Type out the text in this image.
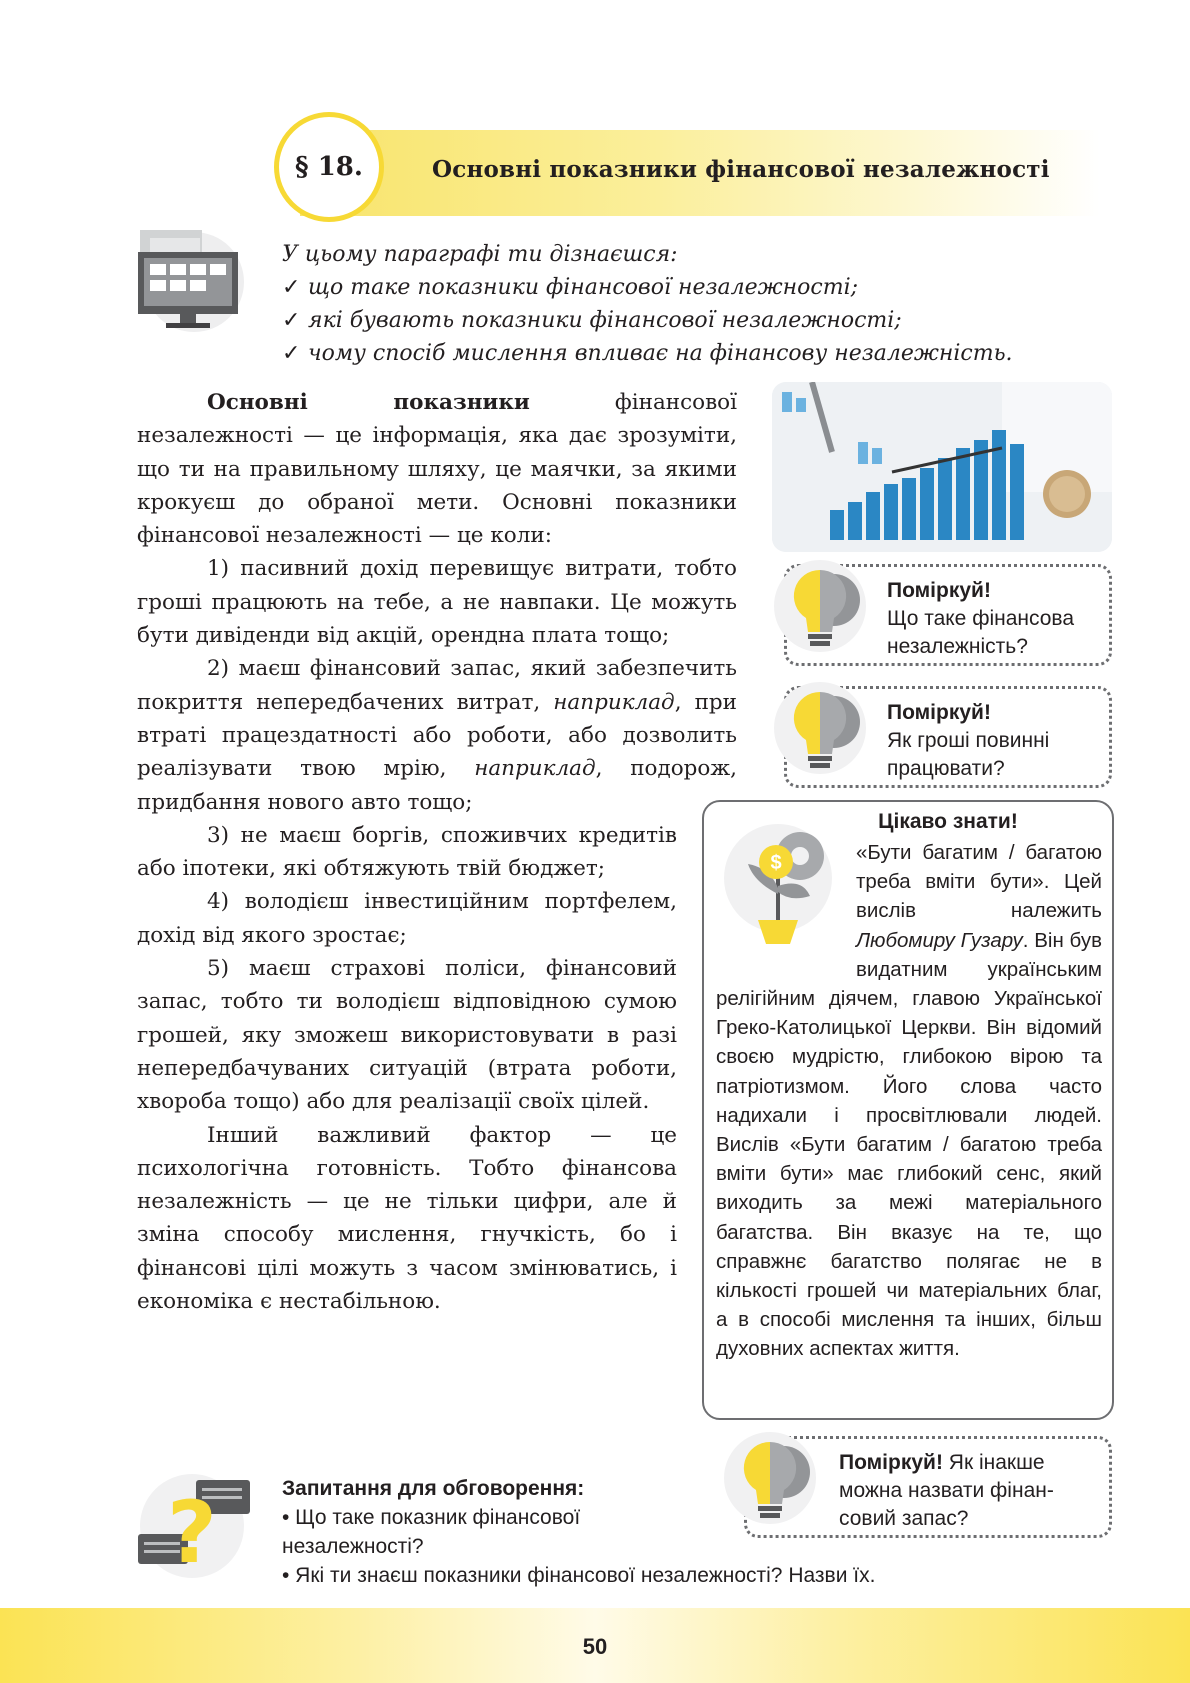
§ 18.	Основні показники фінансової незалежності
У цьому параграфі ти дізнаєшся:
✓ що таке показники фінансової незалежності;
✓ які бувають показники фінансової незалежності;
✓ чому спосіб мислення впливає на фінансову незалежність.

Основні показники фінансової незалежності — це інформація, яка дає зрозуміти, що ти на правильному шляху, це маячки, за якими крокуєш до обраної мети. Основні показники фінансової незалежності — це коли:

1) пасивний дохід перевищує витрати, тобто гроші працюють на тебе, а не навпаки. Це можуть бути дивіденди від акцій, орендна плата тощо;

2) маєш фінансовий запас, який забезпечить покриття непередбачених витрат, наприклад, при втраті працездатності або роботи, або дозволить реалізувати твою мрію, наприклад, подорож, придбання нового авто тощо;

3) не маєш боргів, споживчих кредитів або іпотеки, які обтяжують твій бюджет;

4) володієш інвестиційним портфелем, дохід від якого зростає;

5) маєш страхові поліси, фінансовий запас, тобто ти володієш відповідною сумою грошей, яку зможеш використовувати в разі непередбачуваних ситуацій (втрата роботи, хвороба тощо) або для реалізації своїх цілей.

Інший важливий фактор — це психологічна готовність. Тобто фінансова незалежність — це не тільки цифри, але й зміна способу мислення, гнучкість, бо і фінансові цілі можуть з часом змінюватись, і економіка є нестабільною.

Поміркуй!
Що таке фінансова
незалежність?
Поміркуй!
Як гроші повинні
працювати?
Цікаво знати!
«Бути багатим / багатою треба вміти бути». Цей вислів належить Любомиру Гузару. Він був видатним українським релігійним діячем, главою Української Греко-Католицької Церкви. Він відомий своєю мудрістю, глибокою вірою та патріотизмом. Його слова часто надихали і просвітлювали людей. Вислів «Бути багатим / багатою треба вміти бути» має глибокий сенс, який виходить за межі матеріального багатства. Він вказує на те, що справжнє багатство полягає не в кількості грошей чи матеріальних благ, а в способі мислення та інших, більш духовних аспектах життя.
$
Поміркуй! Як інакше
можна назвати фінан-
совий запас?
?	Запитання для обговорення:
• Що таке показник фінансової
незалежності?
• Які ти знаєш показники фінансової незалежності? Назви їх.
50
